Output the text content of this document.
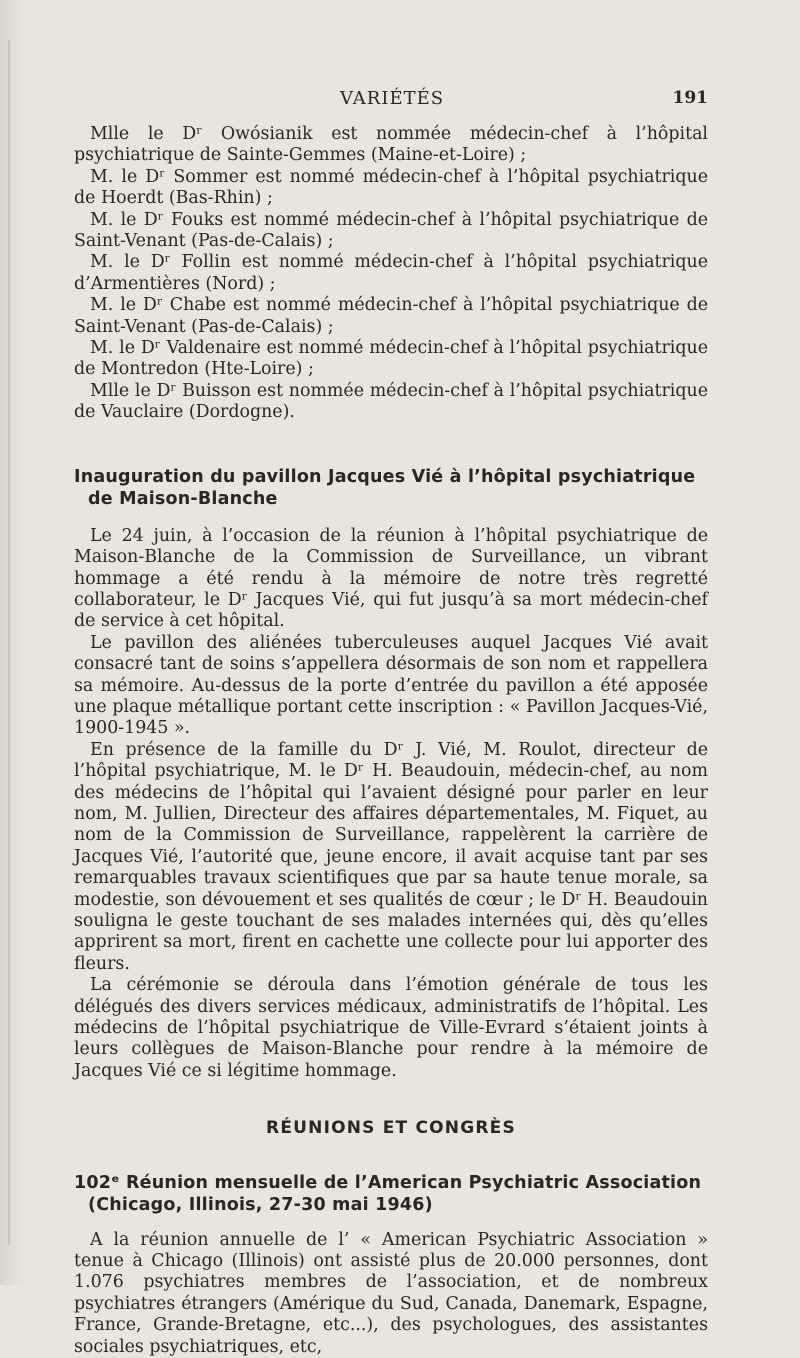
VARIÉTÉS	191

Mlle le Dʳ Owósianik est nommée médecin-chef à l’hôpital psychiatrique de Sainte-Gemmes (Maine-et-Loire) ;

M. le Dʳ Sommer est nommé médecin-chef à l’hôpital psychiatrique de Hoerdt (Bas-Rhin) ;

M. le Dʳ Fouks est nommé médecin-chef à l’hôpital psychiatrique de Saint-Venant (Pas-de-Calais) ;

M. le Dʳ Follin est nommé médecin-chef à l’hôpital psychiatrique d’Armentières (Nord) ;

M. le Dʳ Chabe est nommé médecin-chef à l’hôpital psychiatrique de Saint-Venant (Pas-de-Calais) ;

M. le Dʳ Valdenaire est nommé médecin-chef à l’hôpital psychiatrique de Montredon (Hte-Loire) ;

Mlle le Dʳ Buisson est nommée médecin-chef à l’hôpital psychiatrique de Vauclaire (Dordogne).

Inauguration du pavillon Jacques Vié à l’hôpital psychiatrique
de Maison-Blanche

Le 24 juin, à l’occasion de la réunion à l’hôpital psychiatrique de Maison-Blanche de la Commission de Surveillance, un vibrant hommage a été rendu à la mémoire de notre très regretté collaborateur, le Dʳ Jacques Vié, qui fut jusqu’à sa mort médecin-chef de service à cet hôpital.

Le pavillon des aliénées tuberculeuses auquel Jacques Vié avait consacré tant de soins s’appellera désormais de son nom et rappellera sa mémoire. Au-dessus de la porte d’entrée du pavillon a été apposée une plaque métallique portant cette inscription : « Pavillon Jacques-Vié, 1900-1945 ».

En présence de la famille du Dʳ J. Vié, M. Roulot, directeur de l’hôpital psychiatrique, M. le Dʳ H. Beaudouin, médecin-chef, au nom des médecins de l’hôpital qui l’avaient désigné pour parler en leur nom, M. Jullien, Directeur des affaires départementales, M. Fiquet, au nom de la Commission de Surveillance, rappelèrent la carrière de Jacques Vié, l’autorité que, jeune encore, il avait acquise tant par ses remarquables travaux scientifiques que par sa haute tenue morale, sa modestie, son dévouement et ses qualités de cœur ; le Dʳ H. Beaudouin souligna le geste touchant de ses malades internées qui, dès qu’elles apprirent sa mort, firent en cachette une collecte pour lui apporter des fleurs.

La cérémonie se déroula dans l’émotion générale de tous les délégués des divers services médicaux, administratifs de l’hôpital. Les médecins de l’hôpital psychiatrique de Ville-Evrard s’étaient joints à leurs collègues de Maison-Blanche pour rendre à la mémoire de Jacques Vié ce si légitime hommage.

RÉUNIONS ET CONGRÈS
102ᵉ Réunion mensuelle de l’American Psychiatric Association
(Chicago, Illinois, 27-30 mai 1946)

A la réunion annuelle de l’ « American Psychiatric Association » tenue à Chicago (Illinois) ont assisté plus de 20.000 personnes, dont 1.076 psychiatres membres de l’association, et de nombreux psychiatres étrangers (Amérique du Sud, Canada, Danemark, Espagne, France, Grande-Bretagne, etc...), des psychologues, des assistantes sociales psychiatriques, etc,
